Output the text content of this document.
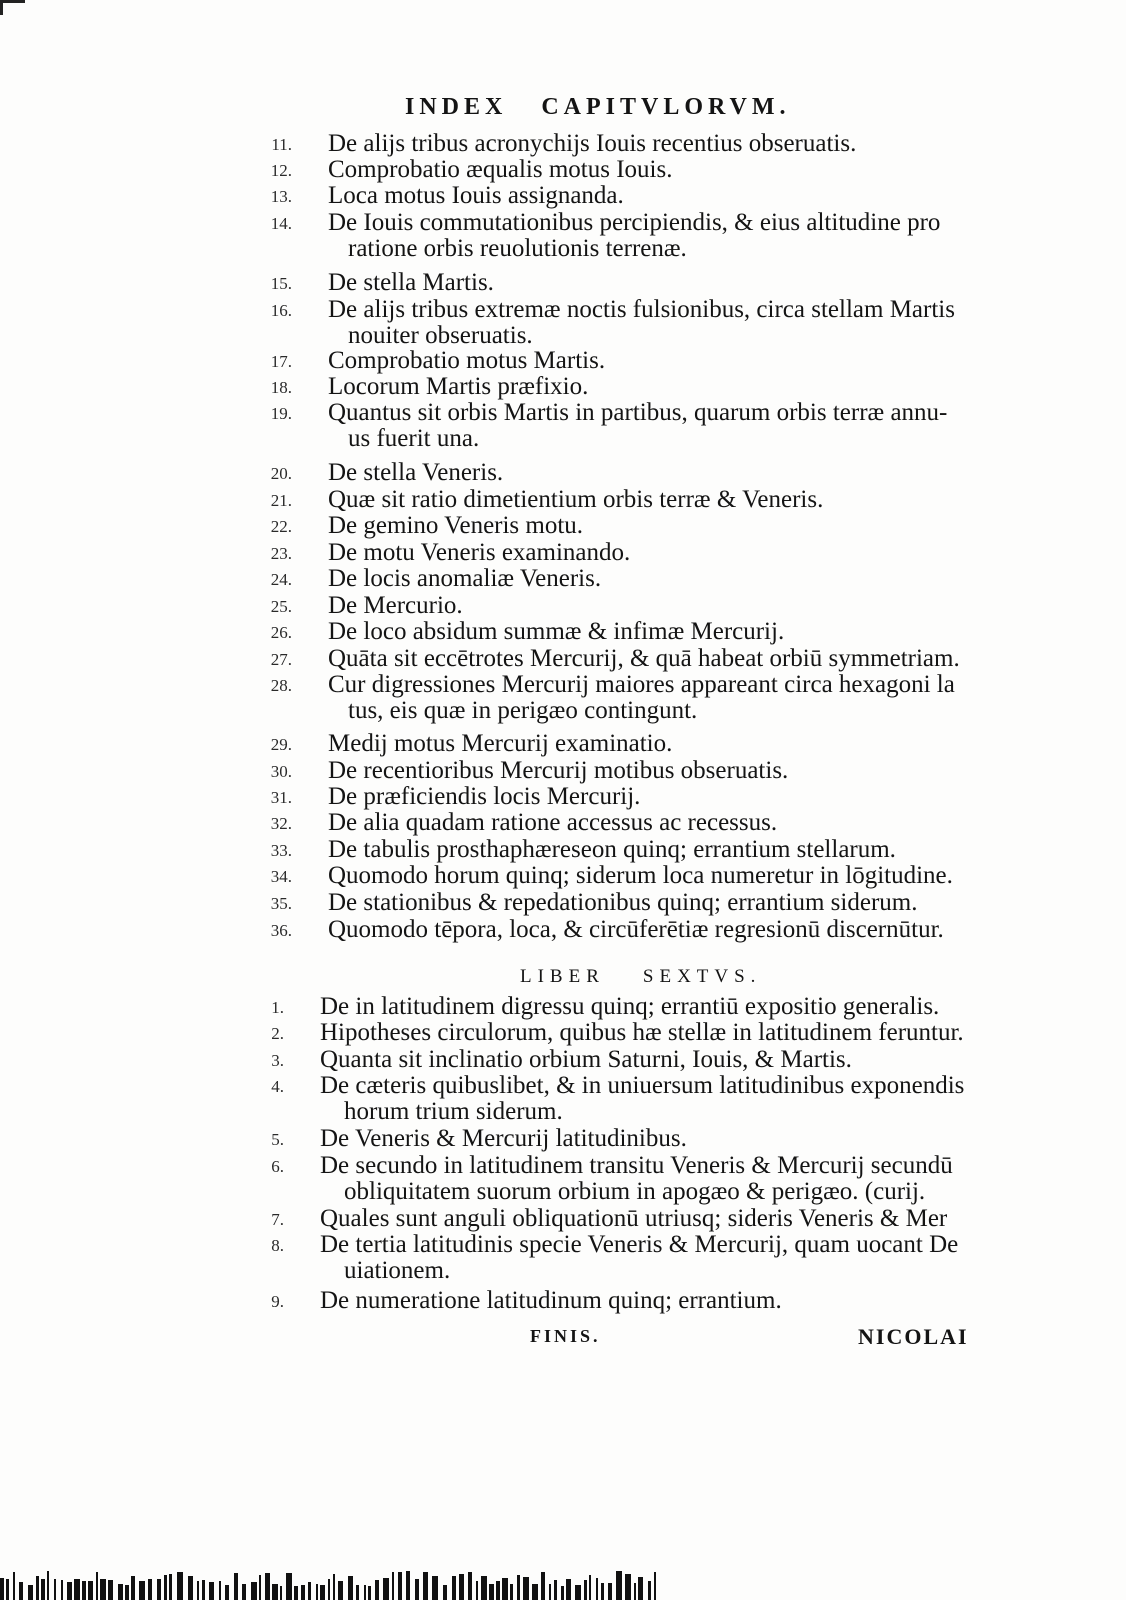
INDEX CAPITVLORVM.
11. De alijs tribus acronychijs Iouis recentius obseruatis.
12. Comprobatio æqualis motus Iouis.
13. Loca motus Iouis assignanda.
14. De Iouis commutationibus percipiendis, & eius altitudine pro
ratione orbis reuolutionis terrenæ.
15. De stella Martis.
16. De alijs tribus extremæ noctis fulsionibus, circa stellam Martis
nouiter obseruatis.
17. Comprobatio motus Martis.
18. Locorum Martis præfixio.
19. Quantus sit orbis Martis in partibus, quarum orbis terræ annu-
us fuerit una.
20. De stella Veneris.
21. Quæ sit ratio dimetientium orbis terræ & Veneris.
22. De gemino Veneris motu.
23. De motu Veneris examinando.
24. De locis anomaliæ Veneris.
25. De Mercurio.
26. De loco absidum summæ & infimæ Mercurij.
27. Quāta sit eccētrotes Mercurij, & quā habeat orbiū symmetriam.
28. Cur digressiones Mercurij maiores appareant circa hexagoni la
tus, eis quæ in perigæo contingunt.
29. Medij motus Mercurij examinatio.
30. De recentioribus Mercurij motibus obseruatis.
31. De præficiendis locis Mercurij.
32. De alia quadam ratione accessus ac recessus.
33. De tabulis prosthaphæreseon quinq; errantium stellarum.
34. Quomodo horum quinq; siderum loca numeretur in lōgitudine.
35. De stationibus & repedationibus quinq; errantium siderum.
36. Quomodo tēpora, loca, & circūferētiæ regresionū discernūtur.
LIBER SEXTVS.
1. De in latitudinem digressu quinq; errantiū expositio generalis.
2. Hipotheses circulorum, quibus hæ stellæ in latitudinem feruntur.
3. Quanta sit inclinatio orbium Saturni, Iouis, & Martis.
4. De cæteris quibuslibet, & in uniuersum latitudinibus exponendis
horum trium siderum.
5. De Veneris & Mercurij latitudinibus.
6. De secundo in latitudinem transitu Veneris & Mercurij secundū
obliquitatem suorum orbium in apogæo & perigæo. (curij.
7. Quales sunt anguli obliquationū utriusq; sideris Veneris & Mer
8. De tertia latitudinis specie Veneris & Mercurij, quam uocant De
uiationem.
9. De numeratione latitudinum quinq; errantium.
FINIS.	NICOLAI
